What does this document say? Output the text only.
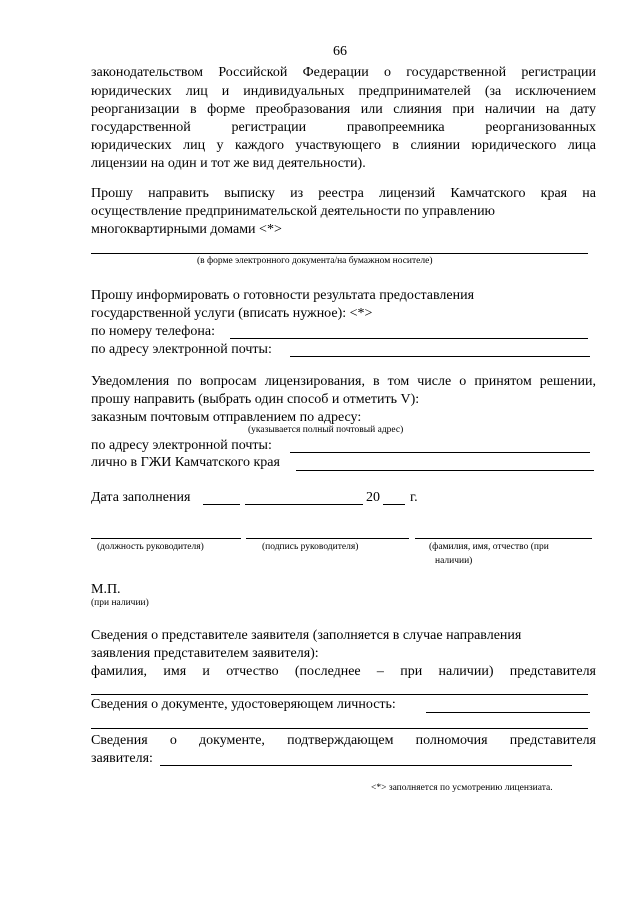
66
законодательством Российской Федерации о государственной регистрации
юридических лиц и индивидуальных предпринимателей (за исключением
реорганизации в форме преобразования или слияния при наличии на дату
государственной регистрации правопреемника реорганизованных
юридических лиц у каждого участвующего в слиянии юридического лица
лицензии на один и тот же вид деятельности).
Прошу направить выписку из реестра лицензий Камчатского края на
осуществление предпринимательской деятельности по управлению
многоквартирными домами <*>
(в форме электронного документа/на бумажном носителе)
Прошу информировать о готовности результата предоставления
государственной услуги (вписать нужное): <*>
по номеру телефона:
по адресу электронной почты:
Уведомления по вопросам лицензирования, в том числе о принятом решении,
прошу направить (выбрать один способ и отметить V):
заказным почтовым отправлением по адресу:
(указывается полный почтовый адрес)
по адресу электронной почты:
лично в ГЖИ Камчатского края
Дата заполнения	20 г.
(должность руководителя)	(подпись руководителя)	(фамилия, имя, отчество (при
наличии)
М.П.
(при наличии)
Сведения о представителе заявителя (заполняется в случае направления
заявления представителем заявителя):
фамилия, имя и отчество (последнее – при наличии) представителя
Сведения о документе, удостоверяющем личность:
Сведения о документе, подтверждающем полномочия представителя
заявителя:
<*> заполняется по усмотрению лицензиата.
